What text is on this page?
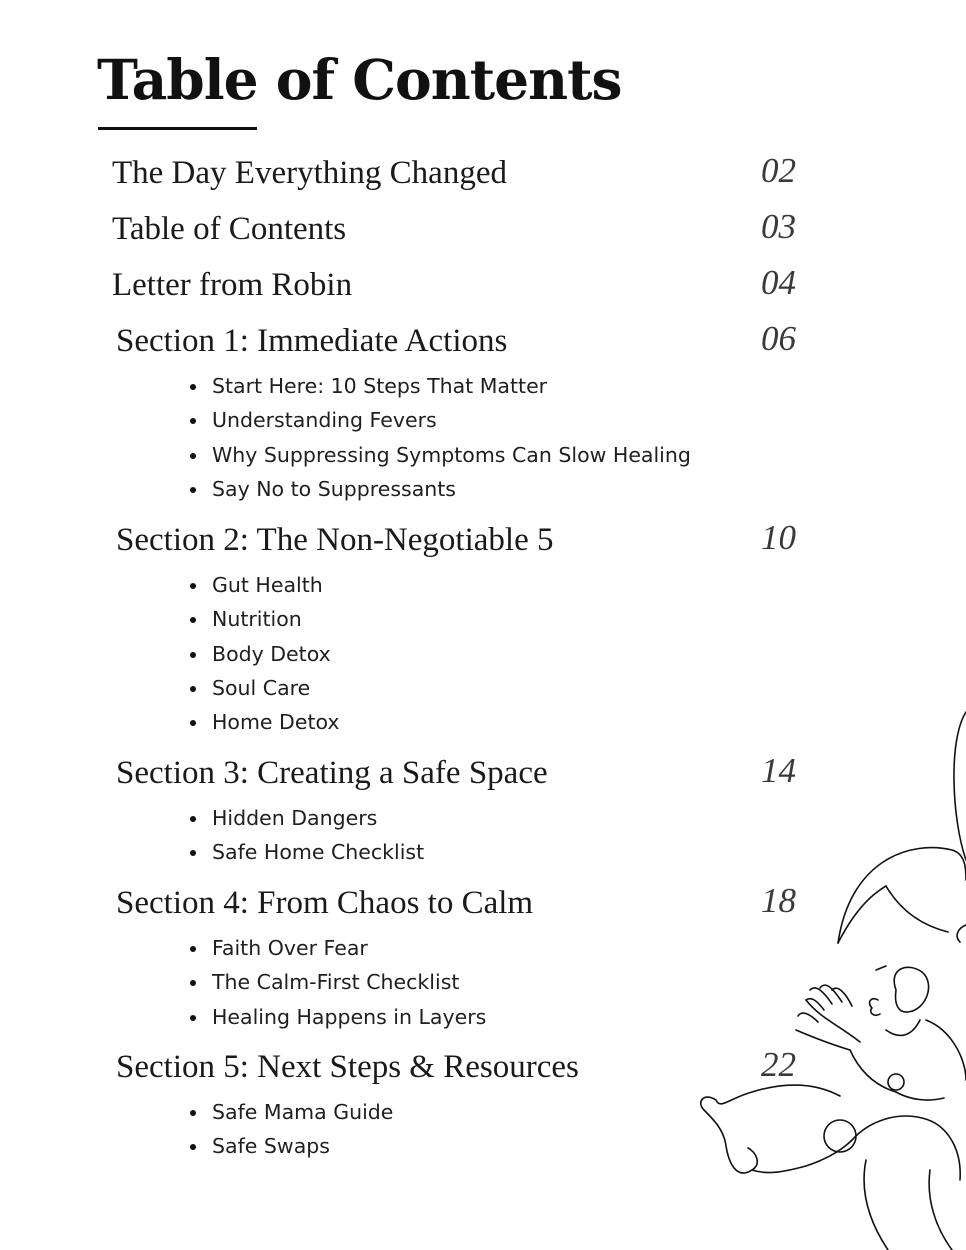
Table of Contents
The Day Everything Changed	02
Table of Contents	03
Letter from Robin	04
Section 1: Immediate Actions	06
Start Here: 10 Steps That Matter
Understanding Fevers
Why Suppressing Symptoms Can Slow Healing
Say No to Suppressants
Section 2: The Non-Negotiable 5	10
Gut Health
Nutrition
Body Detox
Soul Care
Home Detox
Section 3: Creating a Safe Space	14
Hidden Dangers
Safe Home Checklist
Section 4: From Chaos to Calm	18
Faith Over Fear
The Calm-First Checklist
Healing Happens in Layers
Section 5: Next Steps & Resources	22
Safe Mama Guide
Safe Swaps
